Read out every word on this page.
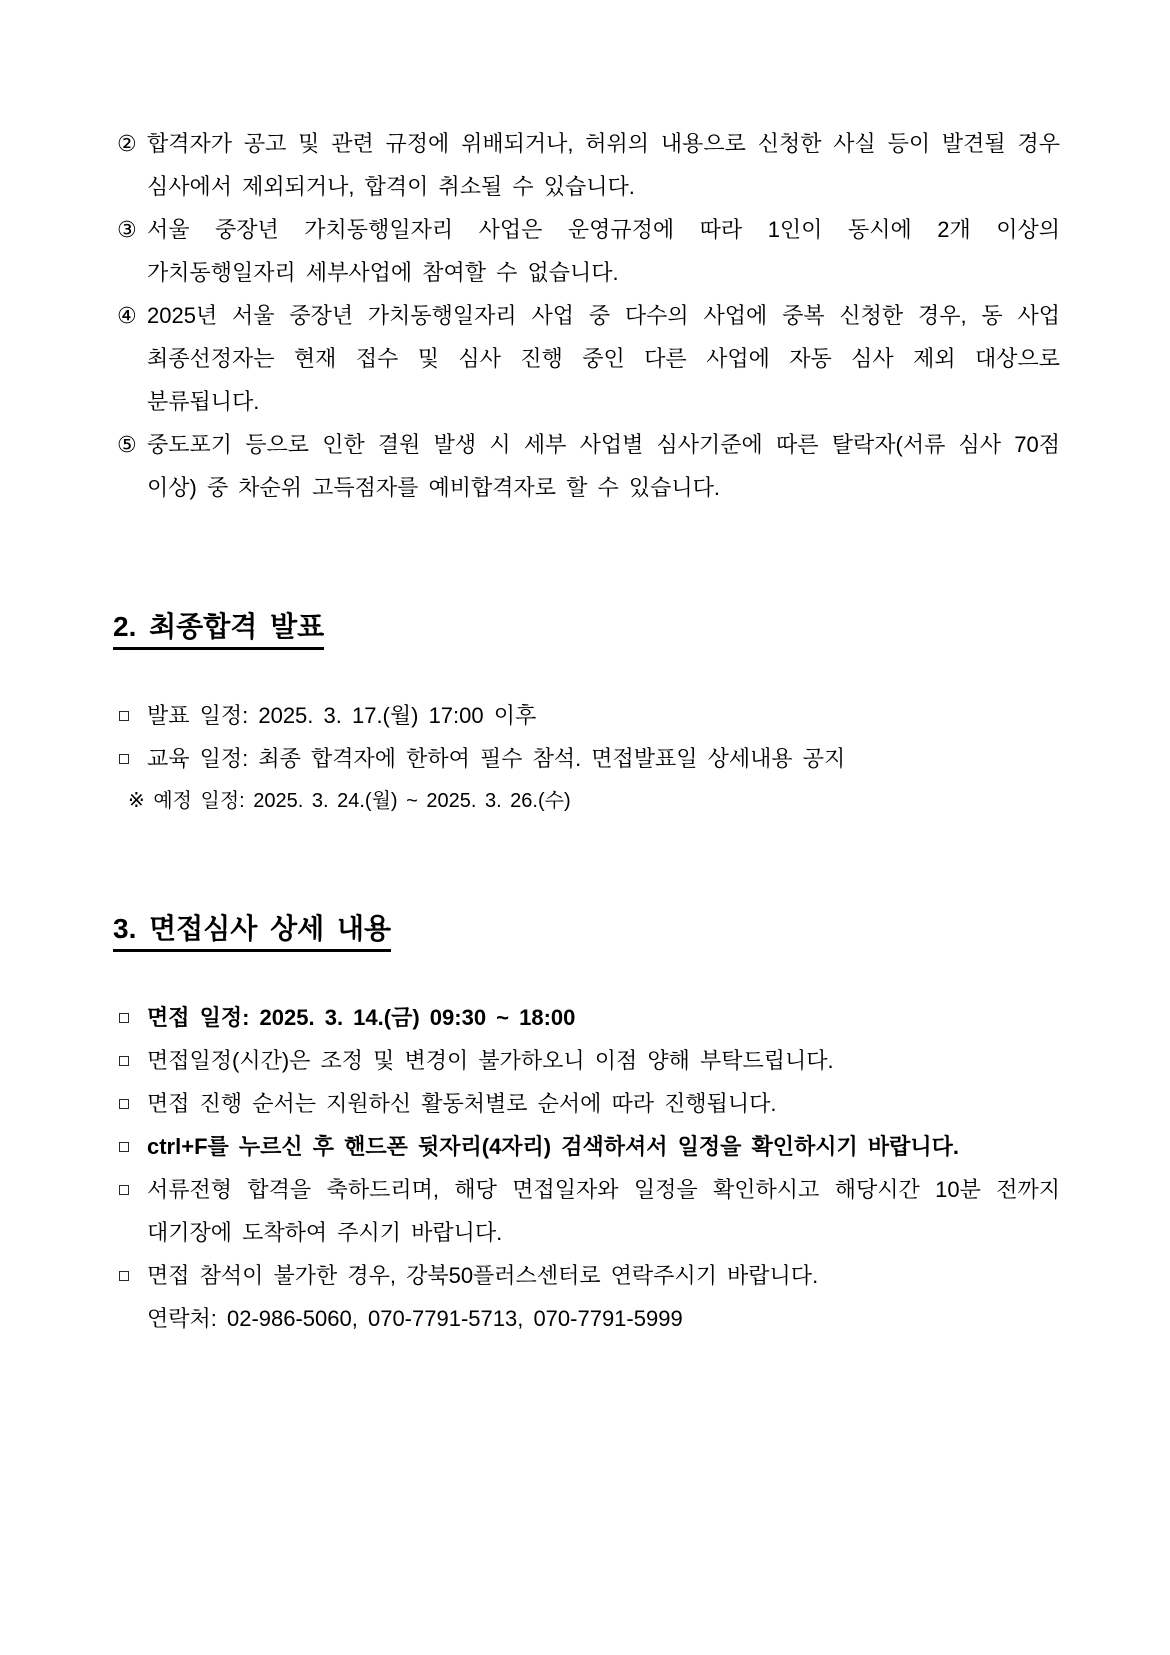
② 합격자가 공고 및 관련 규정에 위배되거나, 허위의 내용으로 신청한 사실 등이 발견될 경우 심사에서 제외되거나, 합격이 취소될 수 있습니다.

③ 서울 중장년 가치동행일자리 사업은 운영규정에 따라 1인이 동시에 2개 이상의 가치동행일자리 세부사업에 참여할 수 없습니다.

④ 2025년 서울 중장년 가치동행일자리 사업 중 다수의 사업에 중복 신청한 경우, 동 사업 최종선정자는 현재 접수 및 심사 진행 중인 다른 사업에 자동 심사 제외 대상으로 분류됩니다.

⑤ 중도포기 등으로 인한 결원 발생 시 세부 사업별 심사기준에 따른 탈락자(서류 심사 70점 이상) 중 차순위 고득점자를 예비합격자로 할 수 있습니다.

2. 최종합격 발표

발표 일정: 2025. 3. 17.(월) 17:00 이후

교육 일정: 최종 합격자에 한하여 필수 참석. 면접발표일 상세내용 공지

※ 예정 일정: 2025. 3. 24.(월) ~ 2025. 3. 26.(수)

3. 면접심사 상세 내용

면접 일정: 2025. 3. 14.(금) 09:30 ~ 18:00

면접일정(시간)은 조정 및 변경이 불가하오니 이점 양해 부탁드립니다.

면접 진행 순서는 지원하신 활동처별로 순서에 따라 진행됩니다.

ctrl+F를 누르신 후 핸드폰 뒷자리(4자리) 검색하셔서 일정을 확인하시기 바랍니다.

서류전형 합격을 축하드리며, 해당 면접일자와 일정을 확인하시고 해당시간 10분 전까지 대기장에 도착하여 주시기 바랍니다.

면접 참석이 불가한 경우, 강북50플러스센터로 연락주시기 바랍니다.

연락처: 02-986-5060, 070-7791-5713, 070-7791-5999
